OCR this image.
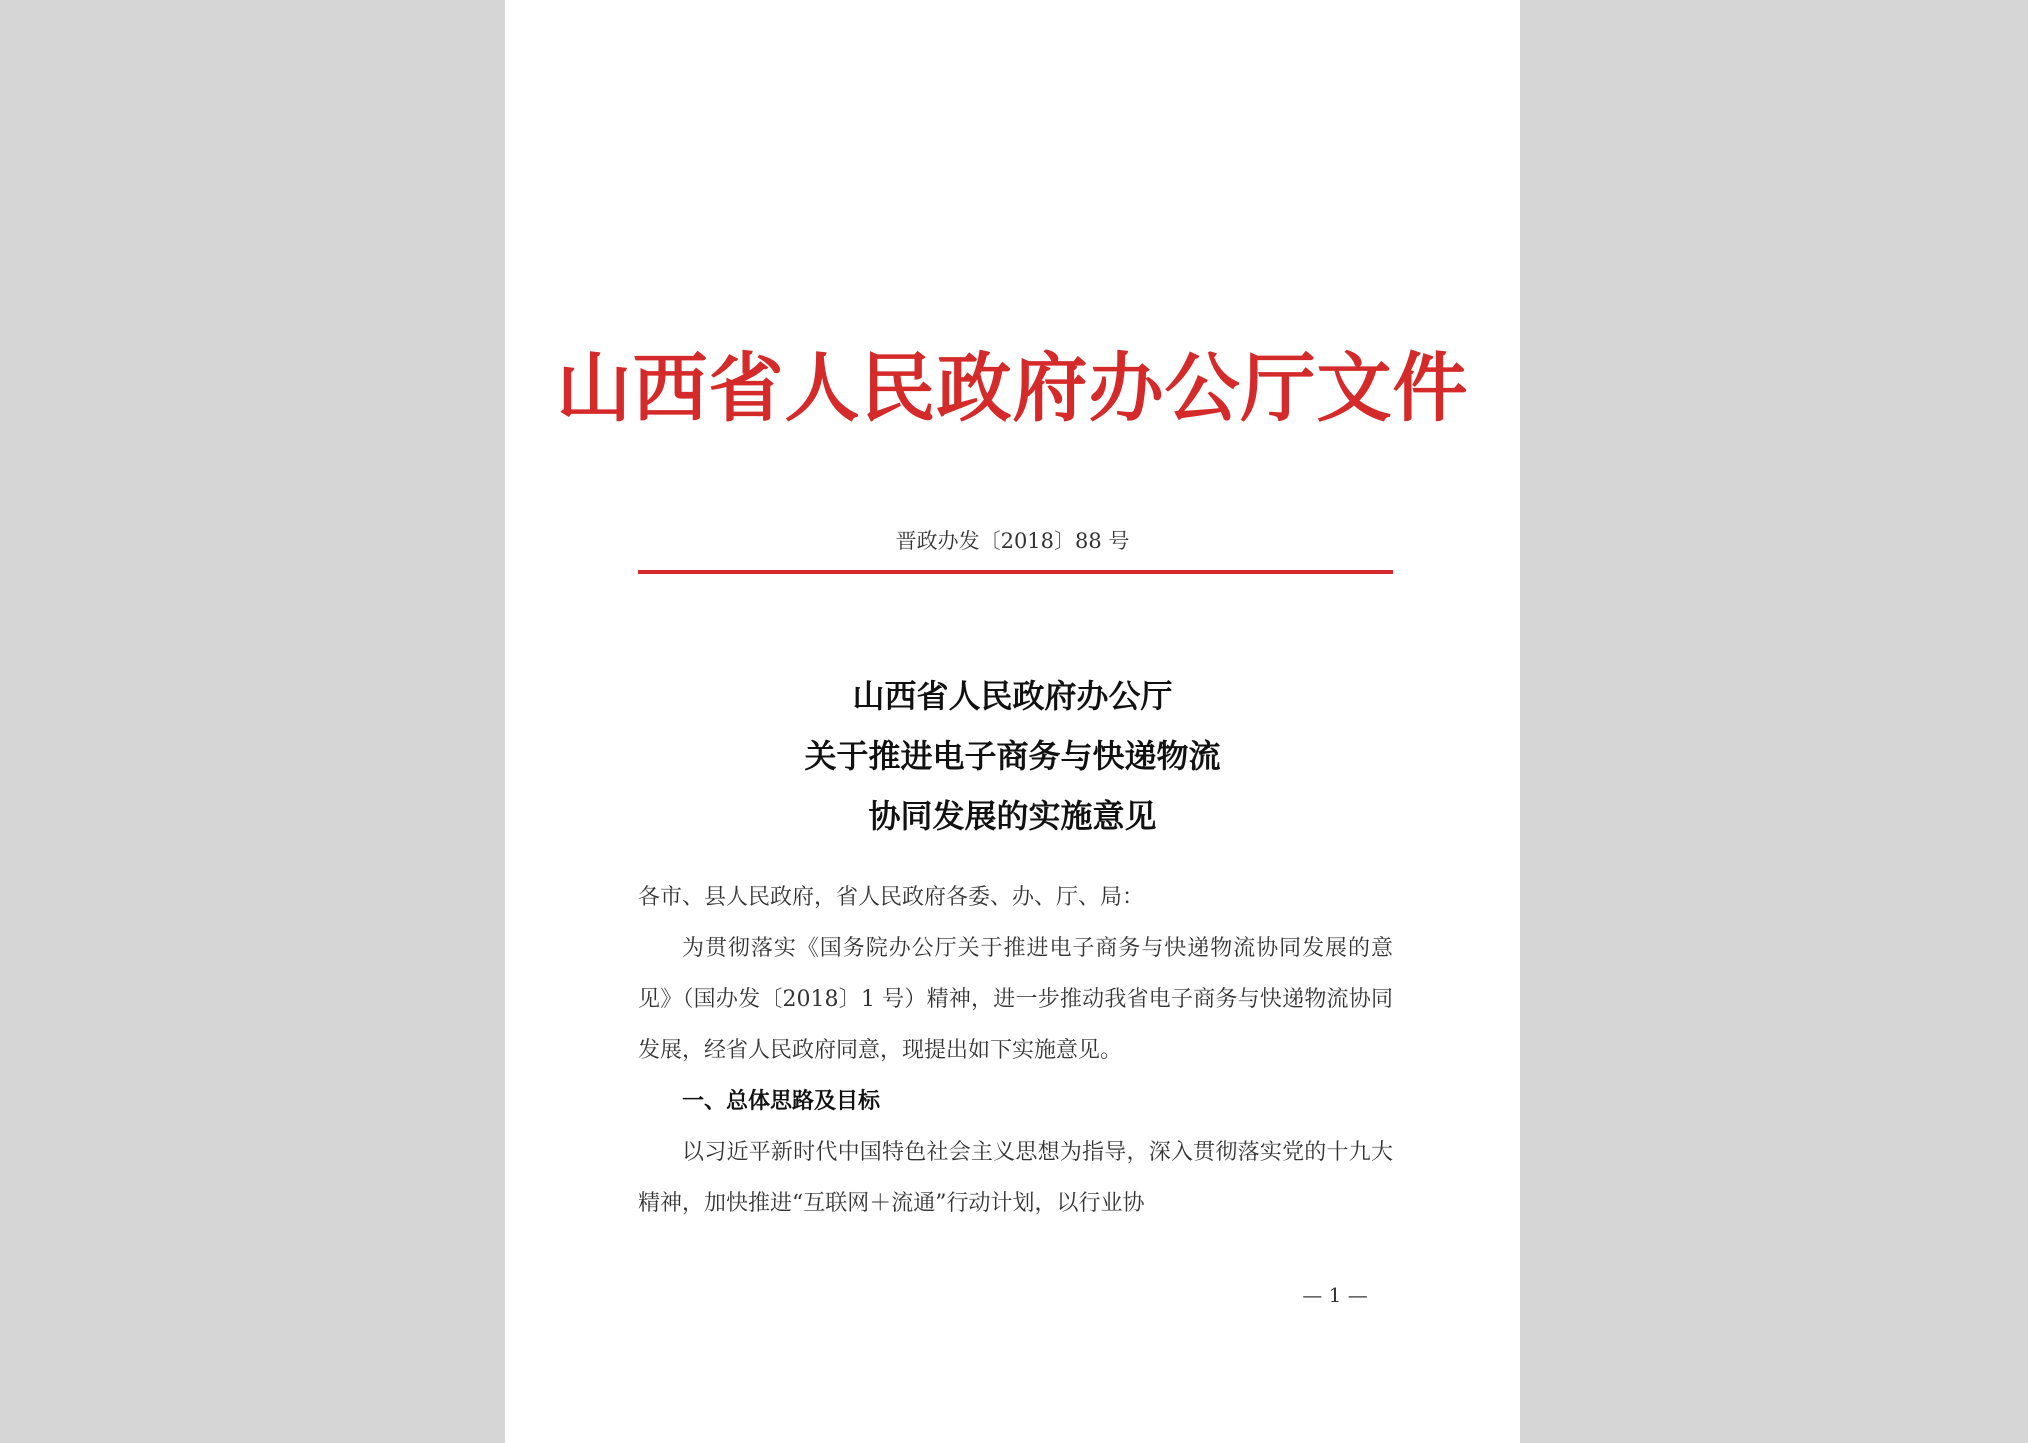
山西省人民政府办公厅文件
晋政办发〔2018〕88 号
山西省人民政府办公厅
关于推进电子商务与快递物流
协同发展的实施意见

各市、县人民政府，省人民政府各委、办、厅、局：

为贯彻落实《国务院办公厅关于推进电子商务与快递物流协同发展的意见》（国办发〔2018〕1 号）精神，进一步推动我省电子商务与快递物流协同发展，经省人民政府同意，现提出如下实施意见。

一、总体思路及目标

以习近平新时代中国特色社会主义思想为指导，深入贯彻落实党的十九大精神，加快推进“互联网＋流通”行动计划，以行业协

— 1 —
